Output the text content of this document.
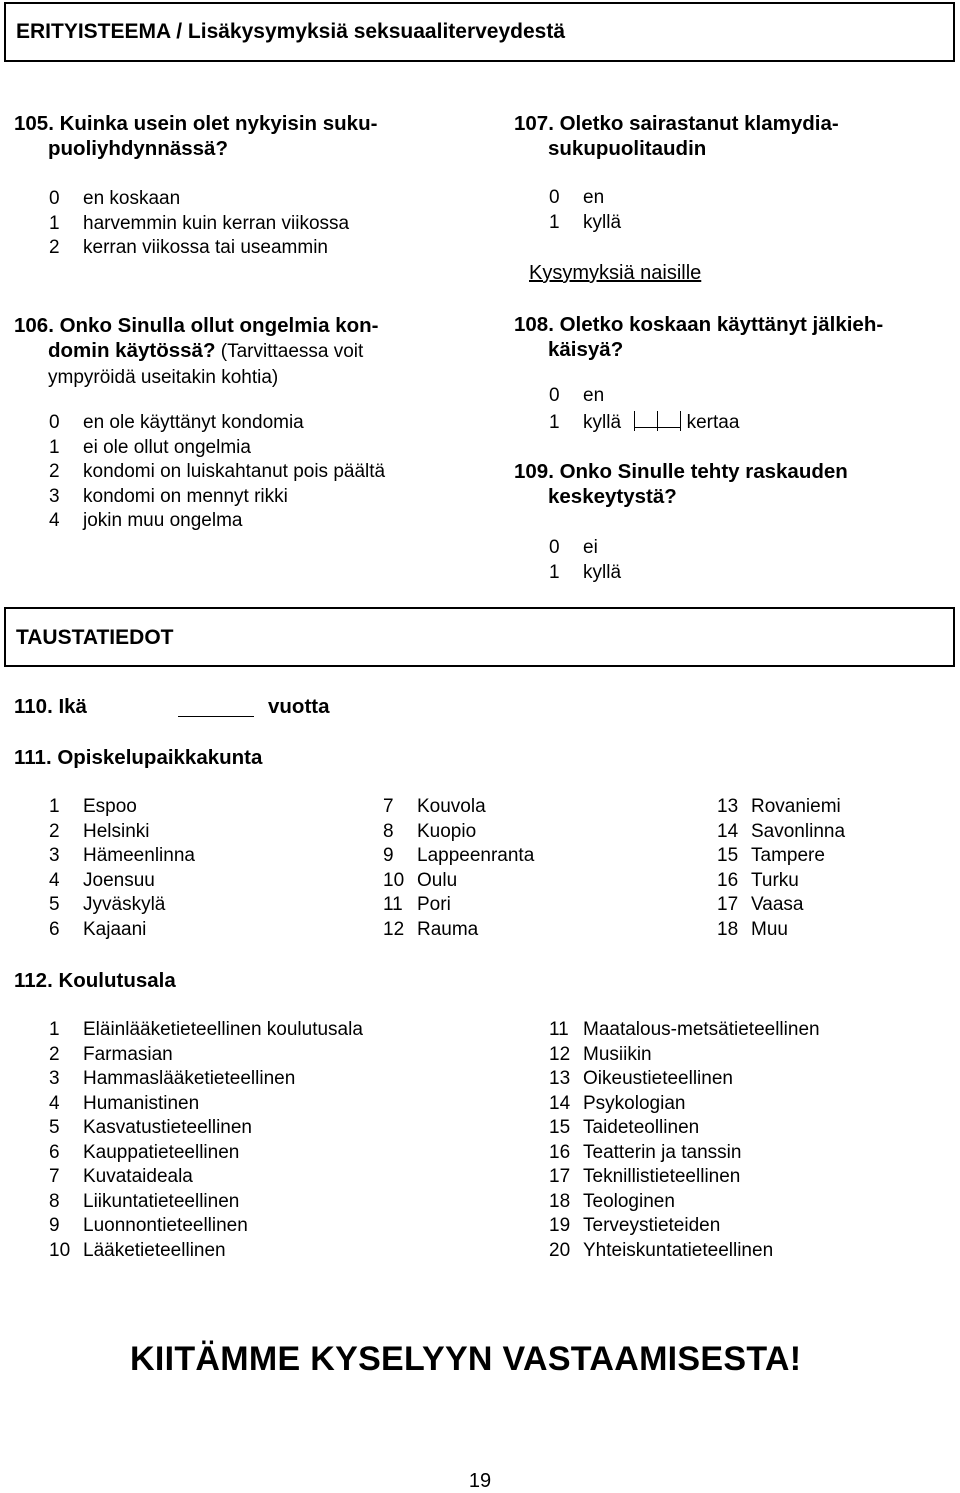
ERITYISTEEMA / Lisäkysymyksiä seksuaaliterveydestä
105. Kuinka usein olet nykyisin suku-
puoliyhdynnässä?
0 en koskaan
1 harvemmin kuin kerran viikossa
2 kerran viikossa tai useammin
106. Onko Sinulla ollut ongelmia kon-
domin käytössä? (Tarvittaessa voit
ympyröidä useitakin kohtia)
0 en ole käyttänyt kondomia
1 ei ole ollut ongelmia
2 kondomi on luiskahtanut pois päältä
3 kondomi on mennyt rikki
4 jokin muu ongelma
107. Oletko sairastanut klamydia-
sukupuolitaudin
0 en
1 kyllä
Kysymyksiä naisille
108. Oletko koskaan käyttänyt jälkieh-
käisyä?
0 en
1 kyllä	kertaa
109. Onko Sinulle tehty raskauden
keskeytystä?
0 ei
1 kyllä
TAUSTATIEDOT
110. Ikä	vuotta
111. Opiskelupaikkakunta
1 Espoo
2 Helsinki
3 Hämeenlinna
4 Joensuu
5 Jyväskylä
6 Kajaani
7 Kouvola
8 Kuopio
9 Lappeenranta
10 Oulu
11 Pori
12 Rauma
13 Rovaniemi
14 Savonlinna
15 Tampere
16 Turku
17 Vaasa
18 Muu
112. Koulutusala
1 Eläinlääketieteellinen koulutusala
2 Farmasian
3 Hammaslääketieteellinen
4 Humanistinen
5 Kasvatustieteellinen
6 Kauppatieteellinen
7 Kuvataideala
8 Liikuntatieteellinen
9 Luonnontieteellinen
10 Lääketieteellinen
11 Maatalous-metsätieteellinen
12 Musiikin
13 Oikeustieteellinen
14 Psykologian
15 Taideteollinen
16 Teatterin ja tanssin
17 Teknillistieteellinen
18 Teologinen
19 Terveystieteiden
20 Yhteiskuntatieteellinen
KIITÄMME KYSELYYN VASTAAMISESTA!
19
